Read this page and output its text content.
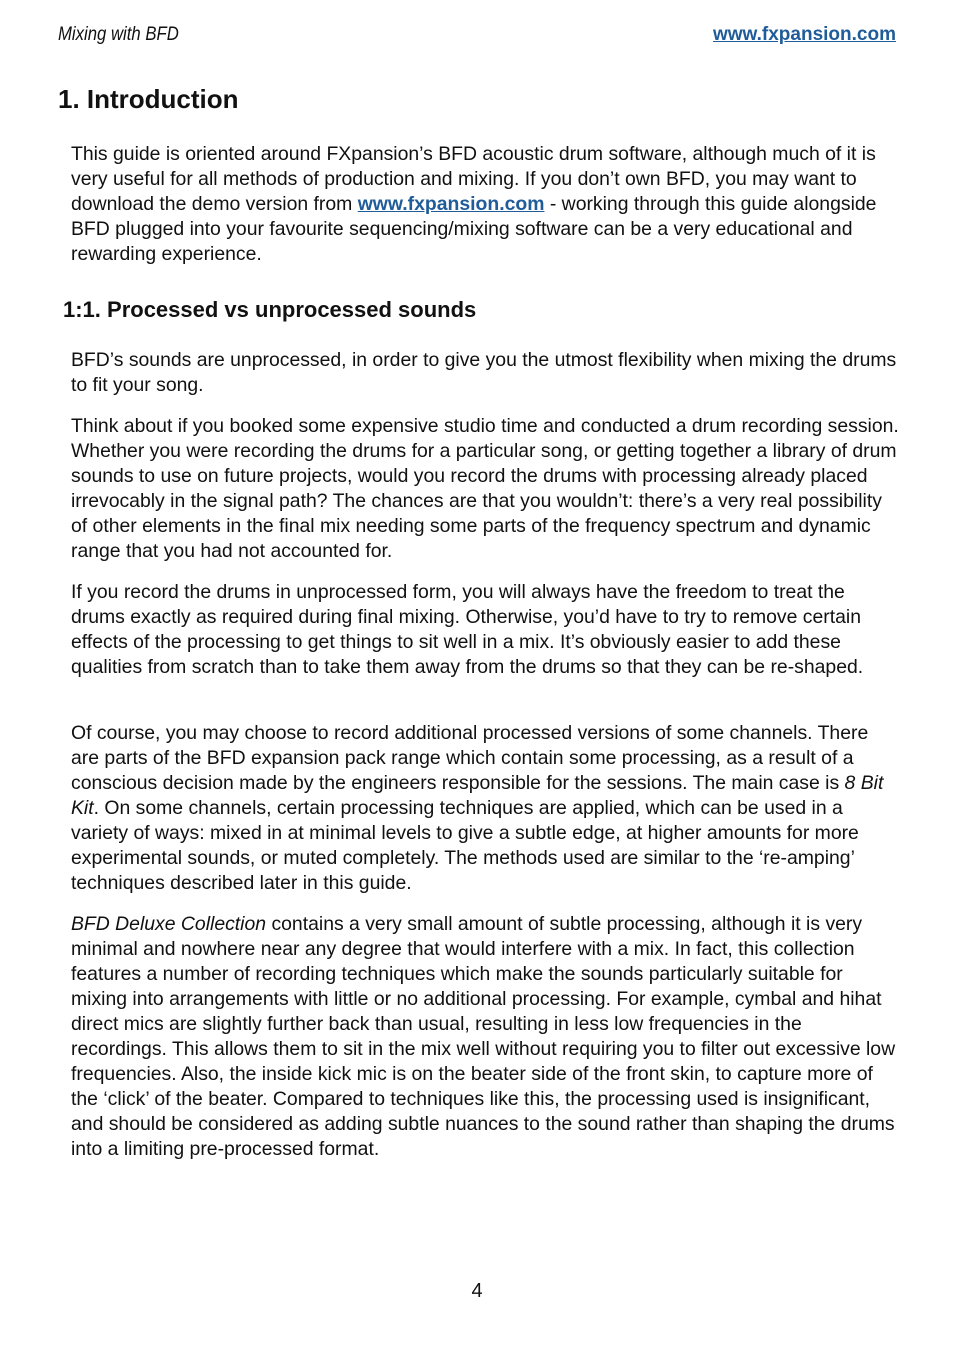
Mixing with BFD	www.fxpansion.com
1. Introduction

This guide is oriented around FXpansion’s BFD acoustic drum software, although much of it is very useful for all methods of production and mixing. If you don’t own BFD, you may want to download the demo version from www.fxpansion.com - working through this guide alongside BFD plugged into your favourite sequencing/mixing software can be a very educational and rewarding experience.

1:1. Processed vs unprocessed sounds

BFD’s sounds are unprocessed, in order to give you the utmost flexibility when mixing the drums to fit your song.

Think about if you booked some expensive studio time and conducted a drum recording session. Whether you were recording the drums for a particular song, or getting together a library of drum sounds to use on future projects, would you record the drums with processing already placed irrevocably in the signal path? The chances are that you wouldn’t: there’s a very real possibility of other elements in the final mix needing some parts of the frequency spectrum and dynamic range that you had not accounted for.

If you record the drums in unprocessed form, you will always have the freedom to treat the drums exactly as required during final mixing. Otherwise, you’d have to try to remove certain effects of the processing to get things to sit well in a mix. It’s obviously easier to add these qualities from scratch than to take them away from the drums so that they can be re-shaped.

Of course, you may choose to record additional processed versions of some channels. There are parts of the BFD expansion pack range which contain some processing, as a result of a conscious decision made by the engineers responsible for the sessions. The main case is 8 Bit Kit. On some channels, certain processing techniques are applied, which can be used in a variety of ways: mixed in at minimal levels to give a subtle edge, at higher amounts for more experimental sounds, or muted completely. The methods used are similar to the ‘re-amping’ techniques described later in this guide.

BFD Deluxe Collection contains a very small amount of subtle processing, although it is very minimal and nowhere near any degree that would interfere with a mix. In fact, this collection features a number of recording techniques which make the sounds particularly suitable for mixing into arrangements with little or no additional processing. For example, cymbal and hihat direct mics are slightly further back than usual, resulting in less low frequencies in the recordings. This allows them to sit in the mix well without requiring you to filter out excessive low frequencies. Also, the inside kick mic is on the beater side of the front skin, to capture more of the ‘click’ of the beater. Compared to techniques like this, the processing used is insignificant, and should be considered as adding subtle nuances to the sound rather than shaping the drums into a limiting pre-processed format.

4
